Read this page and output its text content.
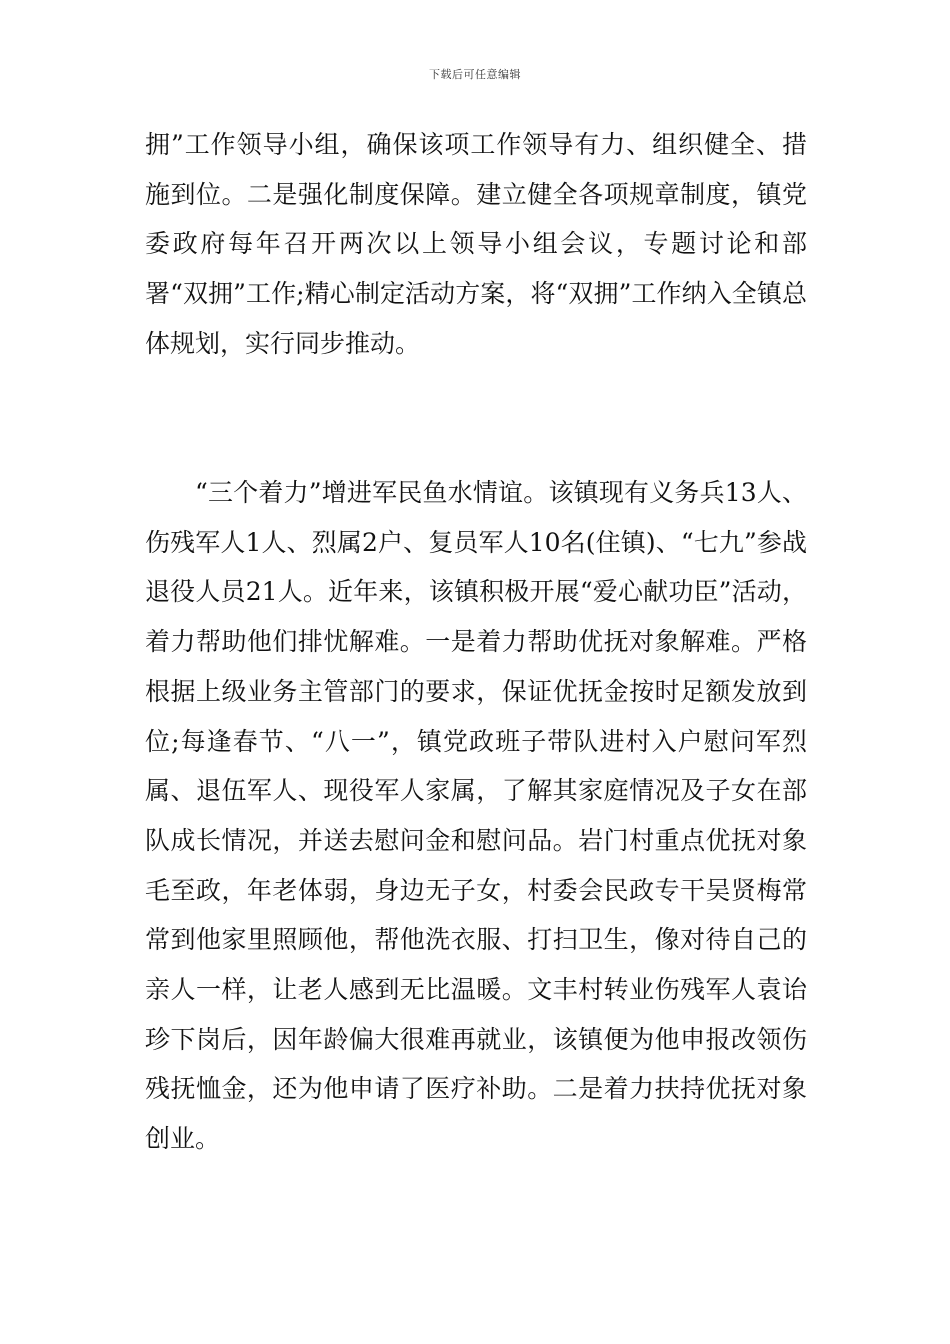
下载后可任意编辑

拥”工作领导小组，确保该项工作领导有力、组织健全、措施到位。二是强化制度保障。建立健全各项规章制度，镇党委政府每年召开两次以上领导小组会议，专题讨论和部署“双拥”工作;精心制定活动方案，将“双拥”工作纳入全镇总体规划，实行同步推动。

“三个着力”增进军民鱼水情谊。该镇现有义务兵13人、伤残军人1人、烈属2户、复员军人10名(住镇)、“七九”参战退役人员21人。近年来，该镇积极开展“爱心献功臣”活动，着力帮助他们排忧解难。一是着力帮助优抚对象解难。严格根据上级业务主管部门的要求，保证优抚金按时足额发放到位;每逢春节、“八一”，镇党政班子带队进村入户慰问军烈属、退伍军人、现役军人家属，了解其家庭情况及子女在部队成长情况，并送去慰问金和慰问品。岩门村重点优抚对象毛至政，年老体弱，身边无子女，村委会民政专干吴贤梅常常到他家里照顾他，帮他洗衣服、打扫卫生，像对待自己的亲人一样，让老人感到无比温暖。文丰村转业伤残军人袁诒珍下岗后，因年龄偏大很难再就业，该镇便为他申报改领伤残抚恤金，还为他申请了医疗补助。二是着力扶持优抚对象创业。
